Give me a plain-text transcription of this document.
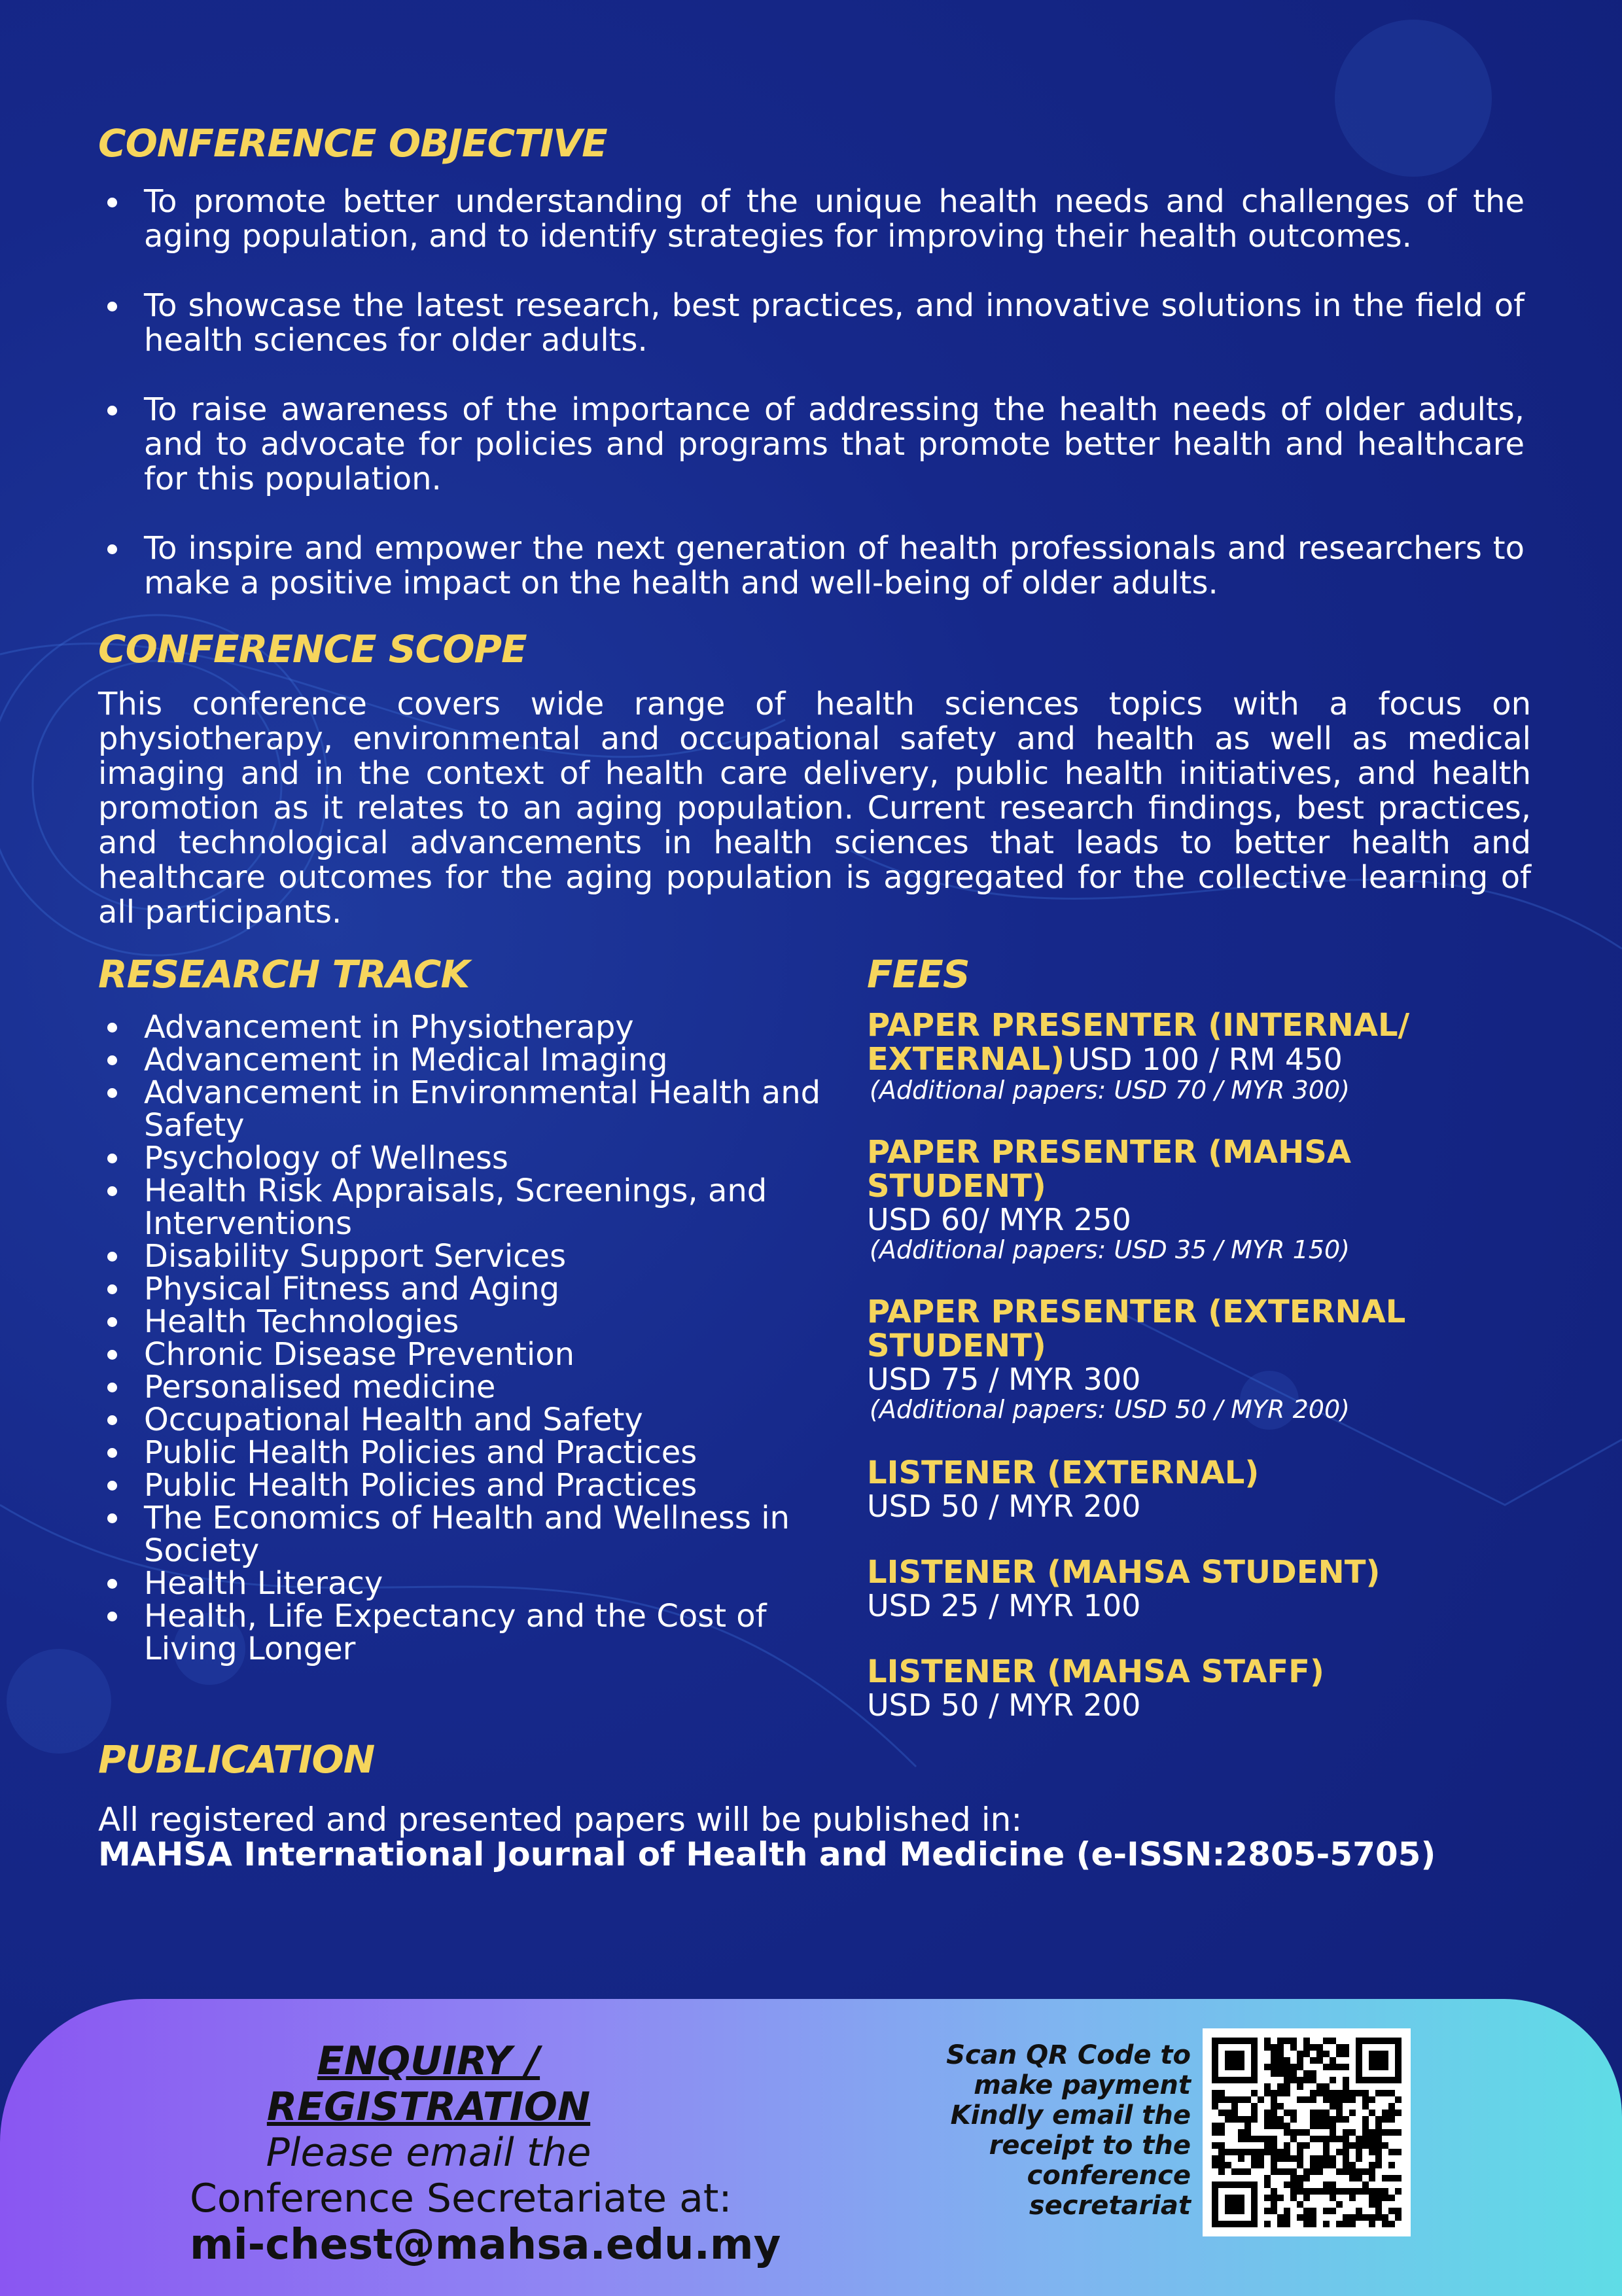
CONFERENCE OBJECTIVE
To promote better understanding of the unique health needs and challenges of the aging population, and to identify strategies for improving their health outcomes.
To showcase the latest research, best practices, and innovative solutions in the field of health sciences for older adults.
To raise awareness of the importance of addressing the health needs of older adults, and to advocate for policies and programs that promote better health and healthcare for this population.
To inspire and empower the next generation of health professionals and researchers to make a positive impact on the health and well-being of older adults.
CONFERENCE SCOPE
This conference covers wide range of health sciences topics with a focus on physiotherapy, environmental and occupational safety and health as well as medical imaging and in the context of health care delivery, public health initiatives, and health promotion as it relates to an aging population. Current research findings, best practices, and technological advancements in health sciences that leads to better health and healthcare outcomes for the aging population is aggregated for the collective learning of all participants.
RESEARCH TRACK
Advancement in Physiotherapy
Advancement in Medical Imaging
Advancement in Environmental Health and Safety
Psychology of Wellness
Health Risk Appraisals, Screenings, and Interventions
Disability Support Services
Physical Fitness and Aging
Health Technologies
Chronic Disease Prevention
Personalised medicine
Occupational Health and Safety
Public Health Policies and Practices
Public Health Policies and Practices
The Economics of Health and Wellness in Society
Health Literacy
Health, Life Expectancy and the Cost of Living Longer
FEES
PAPER PRESENTER (INTERNAL/ EXTERNAL) USD 100 / RM 450
(Additional papers: USD 70 / MYR 300)
PAPER PRESENTER (MAHSA STUDENT)
USD 60/ MYR 250
(Additional papers: USD 35 / MYR 150)
PAPER PRESENTER (EXTERNAL STUDENT)
USD 75 / MYR 300
(Additional papers: USD 50 / MYR 200)
LISTENER (EXTERNAL)
USD 50 / MYR 200
LISTENER (MAHSA STUDENT)
USD 25 / MYR 100
LISTENER (MAHSA STAFF)
USD 50 / MYR 200
PUBLICATION
All registered and presented papers will be published in:
MAHSA International Journal of Health and Medicine (e-ISSN:2805-5705)
ENQUIRY / REGISTRATION
Please email the
Conference Secretariate at:
mi-chest@mahsa.edu.my
Scan QR Code to
make payment
Kindly email the
receipt to the
conference
secretariat
